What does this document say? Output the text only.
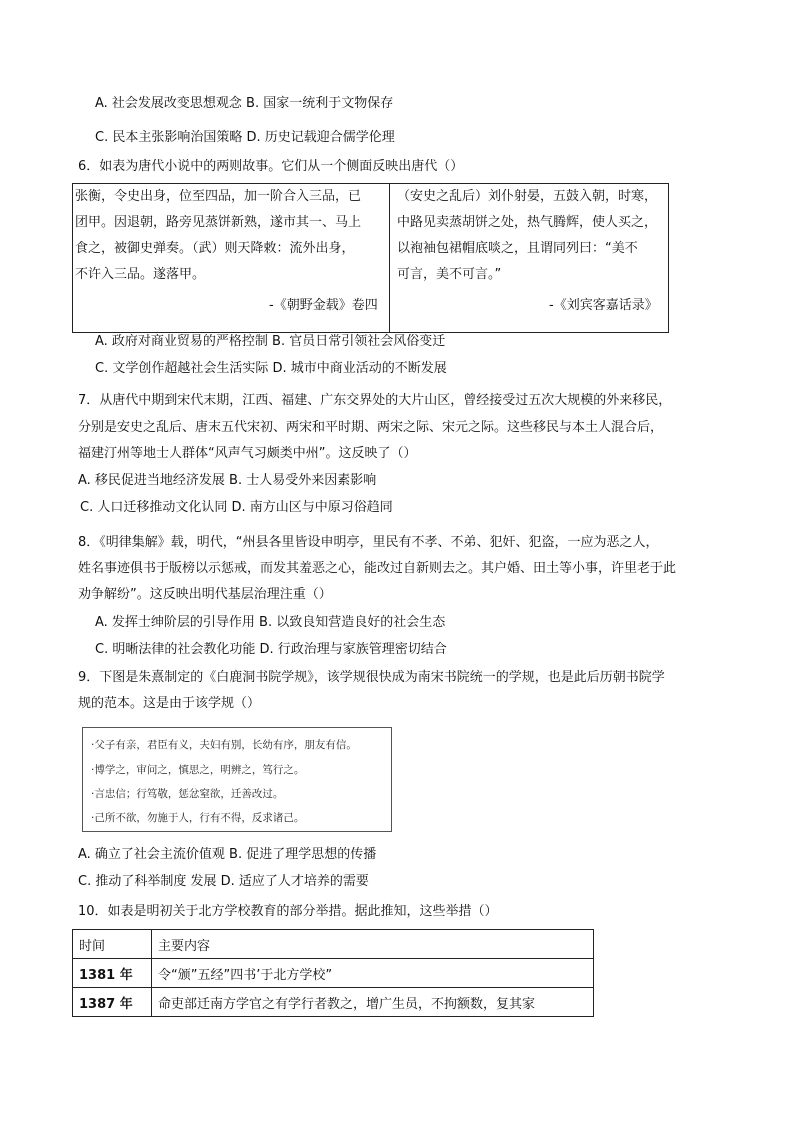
A. 社会发展改变思想观念 B. 国家一统利于文物保存
C. 民本主张影响治国策略 D. 历史记载迎合儒学伦理
6．如表为唐代小说中的两则故事。它们从一个侧面反映出唐代（）
张衡，令史出身，位至四品，加一阶合入三品，已
团甲。因退朝，路旁见蒸饼新熟，遂市其一、马上
食之，被御史弹奏。（武）则天降敕：流外出身，
不许入三品。遂落甲。
-《朝野金载》卷四
（安史之乱后）刘仆射晏，五鼓入朝，时寒，
中路见卖蒸胡饼之处，热气腾辉，使人买之，
以袍袖包裙帽底啖之，且谓同列曰：“美不
可言，美不可言。”
-《刘宾客嘉话录》
A. 政府对商业贸易的严格控制 B. 官员日常引领社会风俗变迁
C. 文学创作超越社会生活实际 D. 城市中商业活动的不断发展
7．从唐代中期到宋代末期，江西、福建、广东交界处的大片山区，曾经接受过五次大规模的外来移民，
分别是安史之乱后、唐末五代宋初、两宋和平时期、两宋之际、宋元之际。这些移民与本土人混合后，
福建汀州等地士人群体“风声气习颇类中州”。这反映了（）
A. 移民促进当地经济发展 B. 士人易受外来因素影响
C. 人口迁移推动文化认同 D. 南方山区与中原习俗趋同
8．《明律集解》载，明代，“州县各里皆设申明亭，里民有不孝、不弟、犯奸、犯盗，一应为恶之人，
姓名事迹俱书于版榜以示惩戒，而发其羞恶之心，能改过自新则去之。其户婚、田土等小事，许里老于此
劝争解纷”。这反映出明代基层治理注重（）
A. 发挥士绅阶层的引导作用 B. 以致良知营造良好的社会生态
C. 明晰法律的社会教化功能 D. 行政治理与家族管理密切结合
9．下图是朱熹制定的《白鹿洞书院学规》，该学规很快成为南宋书院统一的学规，也是此后历朝书院学
规的范本。这是由于该学规（）
·父子有亲，君臣有义，夫妇有别，长幼有序，朋友有信。
·博学之，审问之，慎思之，明辨之，笃行之。
·言忠信；行笃敬，惩忿窒欲，迁善改过。
·己所不欲，勿施于人，行有不得，反求诸己。
A. 确立了社会主流价值观 B. 促进了理学思想的传播
C. 推动了科举制度 发展 D. 适应了人才培养的需要
10．如表是明初关于北方学校教育的部分举措。据此推知，这些举措（）
时间	主要内容
1381 年	令“颁”五经”四书’于北方学校”
1387 年	命吏部迁南方学官之有学行者教之，增广生员，不拘额数，复其家
